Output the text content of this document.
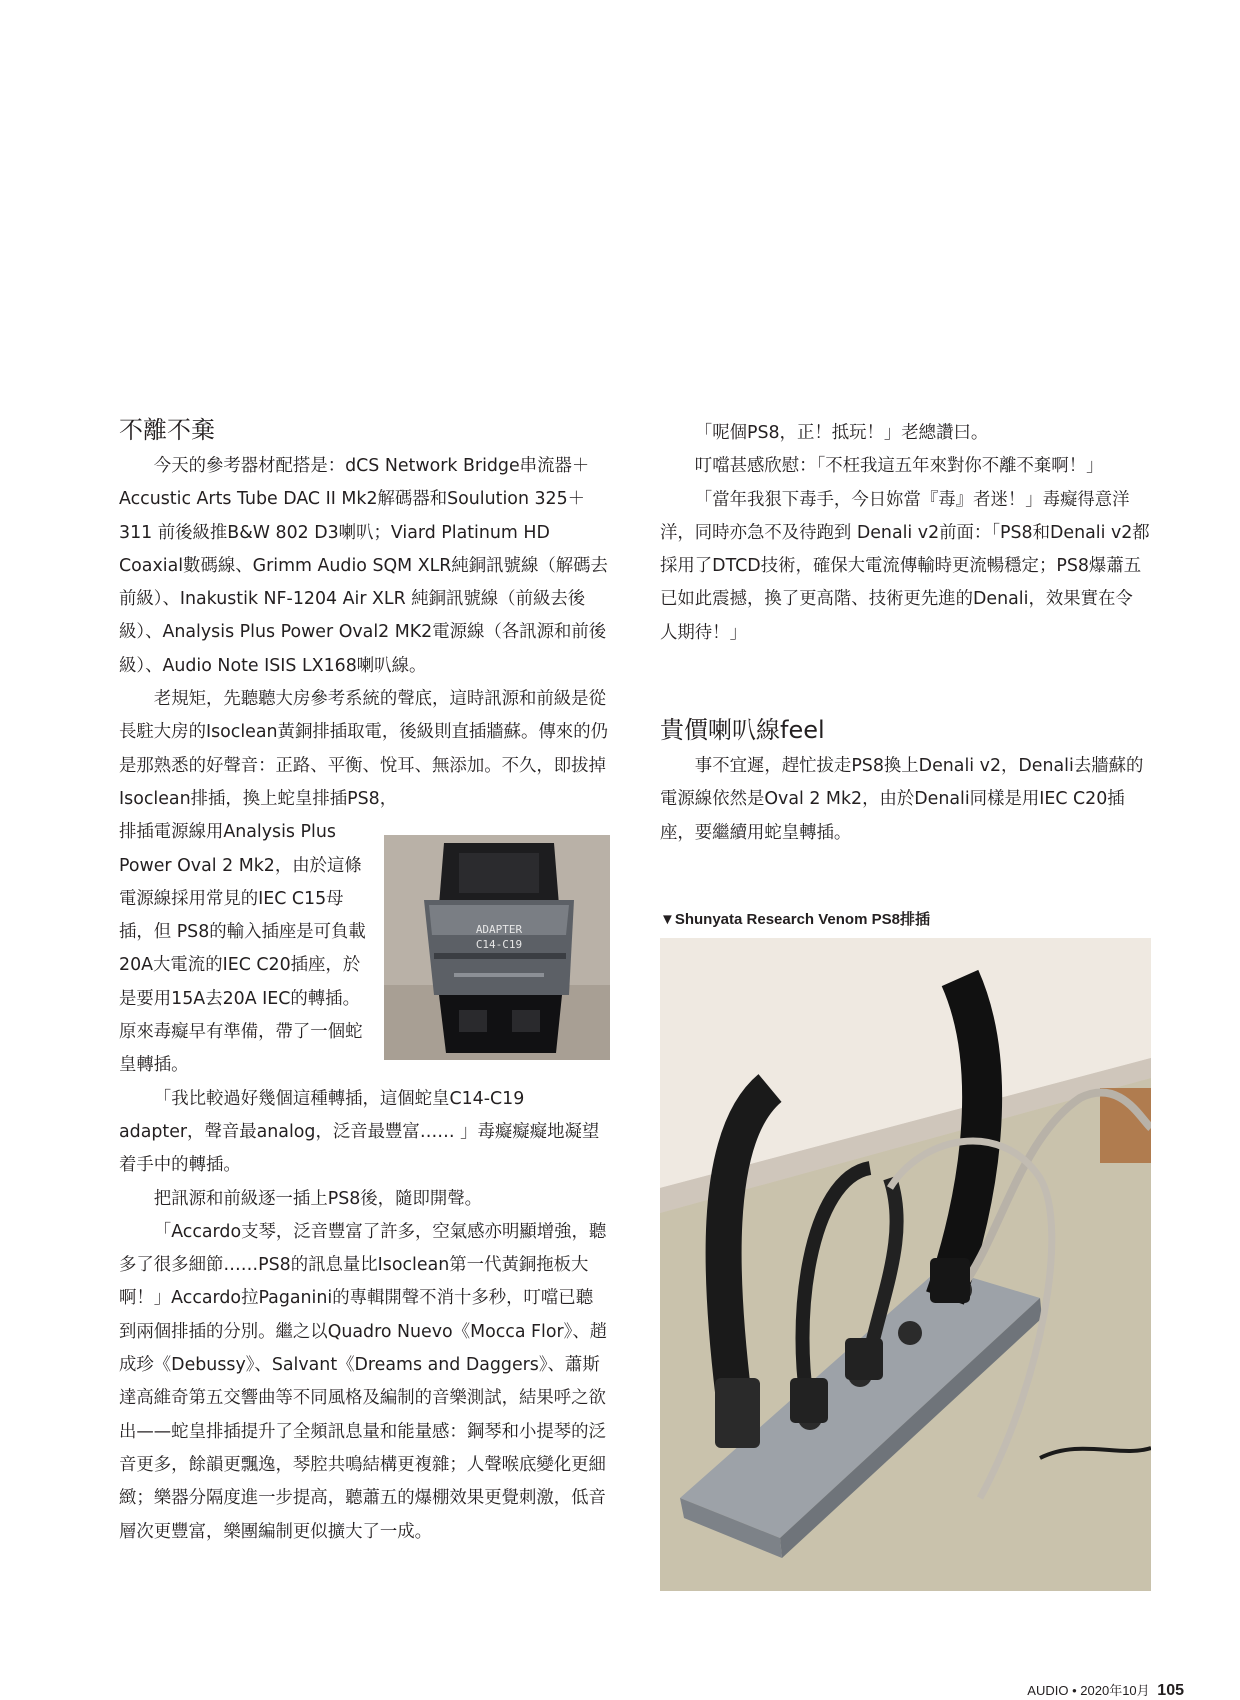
不離不棄

今天的參考器材配搭是：dCS Network Bridge串流器＋Accustic Arts Tube DAC II Mk2解碼器和Soulution 325＋311 前後級推B&W 802 D3喇叭；Viard Platinum HD Coaxial數碼線、Grimm Audio SQM XLR純銅訊號線（解碼去前級）、Inakustik NF-1204 Air XLR 純銅訊號線（前級去後級）、Analysis Plus Power Oval2 MK2電源線（各訊源和前後級）、Audio Note ISIS LX168喇叭線。

老規矩，先聽聽大房參考系統的聲底，這時訊源和前級是從長駐大房的Isoclean黃銅排插取電，後級則直插牆蘇。傳來的仍是那熟悉的好聲音：正路、平衡、悅耳、無添加。不久，即拔掉Isoclean排插，換上蛇皇排插PS8，

排插電源線用Analysis Plus Power Oval 2 Mk2，由於這條電源線採用常見的IEC C15母插，但 PS8的輸入插座是可負載20A大電流的IEC C20插座，於是要用15A去20A IEC的轉插。原來毒癡早有準備，帶了一個蛇皇轉插。

「我比較過好幾個這種轉插，這個蛇皇C14-C19 adapter，聲音最analog，泛音最豐富…… 」毒癡癡癡地凝望着手中的轉插。

把訊源和前級逐一插上PS8後，隨即開聲。

「Accardo支琴，泛音豐富了許多，空氣感亦明顯增強，聽多了很多細節……PS8的訊息量比Isoclean第一代黃銅拖板大啊！」Accardo拉Paganini的專輯開聲不消十多秒，叮噹已聽到兩個排插的分別。繼之以Quadro Nuevo《Mocca Flor》、趙成珍《Debussy》、Salvant《Dreams and Daggers》、蕭斯達高維奇第五交響曲等不同風格及編制的音樂測試，結果呼之欲出——蛇皇排插提升了全頻訊息量和能量感：鋼琴和小提琴的泛音更多，餘韻更飄逸，琴腔共鳴結構更複雜；人聲喉底變化更細緻；樂器分隔度進一步提高，聽蕭五的爆棚效果更覺刺激，低音層次更豐富，樂團編制更似擴大了一成。

ADAPTER
C14-C19

「呢個PS8，正！抵玩！」老總讚曰。

叮噹甚感欣慰：「不枉我這五年來對你不離不棄啊！」

「當年我狠下毒手，今日妳當『毒』者迷！」毒癡得意洋洋，同時亦急不及待跑到 Denali v2前面：「PS8和Denali v2都採用了DTCD技術，確保大電流傳輸時更流暢穩定；PS8爆蕭五已如此震撼，換了更高階、技術更先進的Denali，效果實在令人期待！」

貴價喇叭線feel

事不宜遲，趕忙拔走PS8換上Denali v2，Denali去牆蘇的電源線依然是Oval 2 Mk2，由於Denali同樣是用IEC C20插座，要繼續用蛇皇轉插。

▼Shunyata Research Venom PS8排插
AUDIO • 2020年10月 105
